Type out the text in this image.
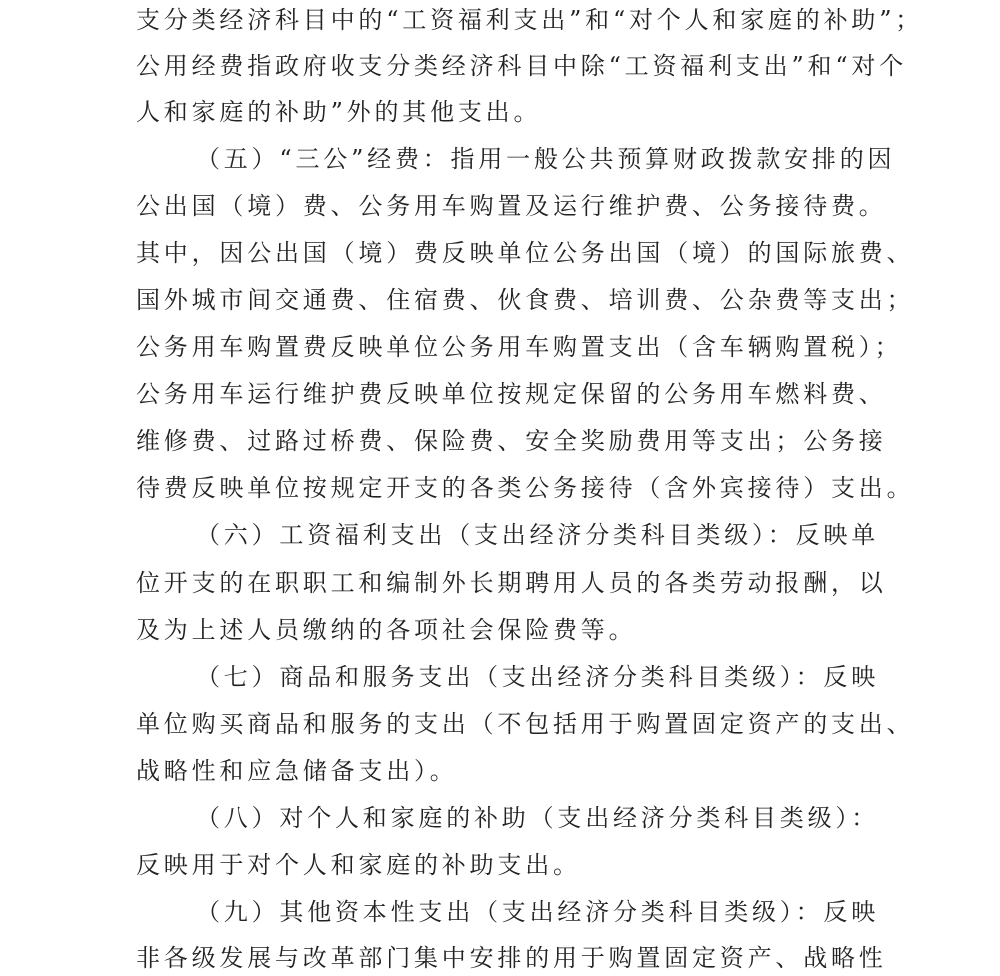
支分类经济科目中的“工资福利支出”和“对个人和家庭的补助”；
公用经费指政府收支分类经济科目中除“工资福利支出”和“对个
人和家庭的补助”外的其他支出。
（五）“三公”经费：指用一般公共预算财政拨款安排的因
公出国（境）费、公务用车购置及运行维护费、公务接待费。
其中，因公出国（境）费反映单位公务出国（境）的国际旅费、
国外城市间交通费、住宿费、伙食费、培训费、公杂费等支出；
公务用车购置费反映单位公务用车购置支出（含车辆购置税）；
公务用车运行维护费反映单位按规定保留的公务用车燃料费、
维修费、过路过桥费、保险费、安全奖励费用等支出；公务接
待费反映单位按规定开支的各类公务接待（含外宾接待）支出。
（六）工资福利支出（支出经济分类科目类级）：反映单
位开支的在职职工和编制外长期聘用人员的各类劳动报酬，以
及为上述人员缴纳的各项社会保险费等。
（七）商品和服务支出（支出经济分类科目类级）：反映
单位购买商品和服务的支出（不包括用于购置固定资产的支出、
战略性和应急储备支出）。
（八）对个人和家庭的补助（支出经济分类科目类级）：
反映用于对个人和家庭的补助支出。
（九）其他资本性支出（支出经济分类科目类级）：反映
非各级发展与改革部门集中安排的用于购置固定资产、战略性
